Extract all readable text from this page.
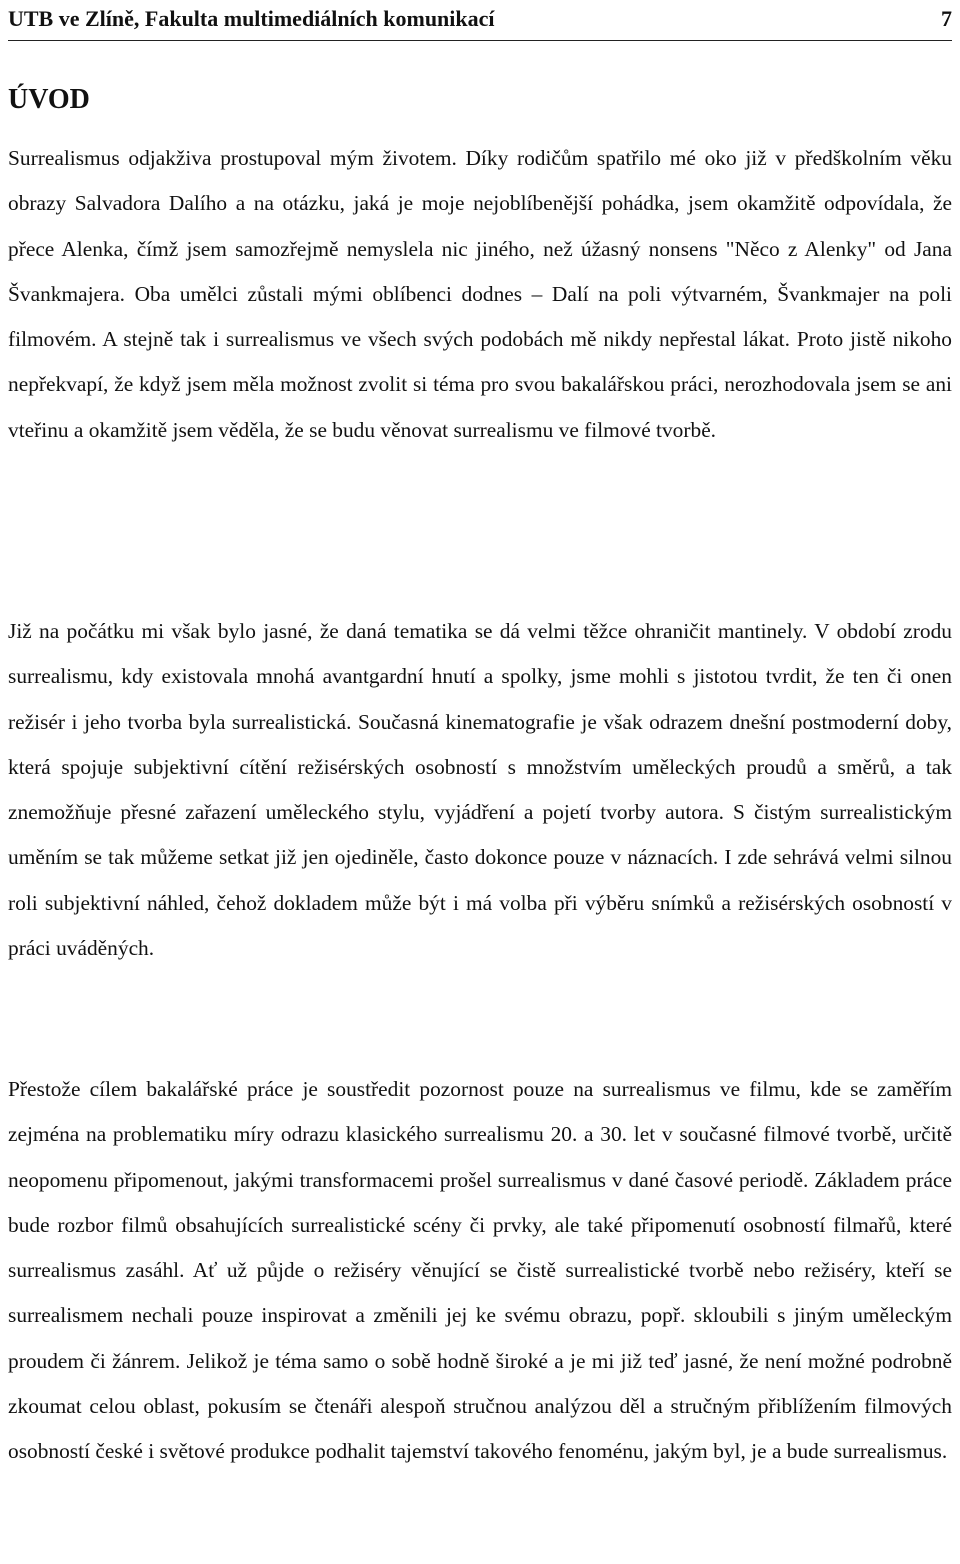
UTB ve Zlíně, Fakulta multimediálních komunikací	7
ÚVOD

Surrealismus odjakživa prostupoval mým životem. Díky rodičům spatřilo mé oko již v předškolním věku obrazy Salvadora Dalího a na otázku, jaká je moje nejoblíbenější pohádka, jsem okamžitě odpovídala, že přece Alenka, čímž jsem samozřejmě nemyslela nic jiného, než úžasný nonsens "Něco z Alenky" od Jana Švankmajera. Oba umělci zůstali mými oblíbenci dodnes – Dalí na poli výtvarném, Švankmajer na poli filmovém. A stejně tak i surrealismus ve všech svých podobách mě nikdy nepřestal lákat. Proto jistě nikoho nepřekvapí, že když jsem měla možnost zvolit si téma pro svou bakalářskou práci, nerozhodovala jsem se ani vteřinu a okamžitě jsem věděla, že se budu věnovat surrealismu ve filmové tvorbě.

Již na počátku mi však bylo jasné, že daná tematika se dá velmi těžce ohraničit mantinely. V období zrodu surrealismu, kdy existovala mnohá avantgardní hnutí a spolky, jsme mohli s jistotou tvrdit, že ten či onen režisér i jeho tvorba byla surrealistická. Současná kinematografie je však odrazem dnešní postmoderní doby, která spojuje subjektivní cítění režisérských osobností s množstvím uměleckých proudů a směrů, a tak znemožňuje přesné zařazení uměleckého stylu, vyjádření a pojetí tvorby autora. S čistým surrealistickým uměním se tak můžeme setkat již jen ojediněle, často dokonce pouze v náznacích. I zde sehrává velmi silnou roli subjektivní náhled, čehož dokladem může být i má volba při výběru snímků a režisérských osobností v práci uváděných.

Přestože cílem bakalářské práce je soustředit pozornost pouze na surrealismus ve filmu, kde se zaměřím zejména na problematiku míry odrazu klasického surrealismu 20. a 30. let v současné filmové tvorbě, určitě neopomenu připomenout, jakými transformacemi prošel surrealismus v dané časové periodě. Základem práce bude rozbor filmů obsahujících surrealistické scény či prvky, ale také připomenutí osobností filmařů, které surrealismus zasáhl. Ať už půjde o režiséry věnující se čistě surrealistické tvorbě nebo režiséry, kteří se surrealismem nechali pouze inspirovat a změnili jej ke svému obrazu, popř. skloubili s jiným uměleckým proudem či žánrem. Jelikož je téma samo o sobě hodně široké a je mi již teď jasné, že není možné podrobně zkoumat celou oblast, pokusím se čtenáři alespoň stručnou analýzou děl a stručným přiblížením filmových osobností české i světové produkce podhalit tajemství takového fenoménu, jakým byl, je a bude surrealismus.
